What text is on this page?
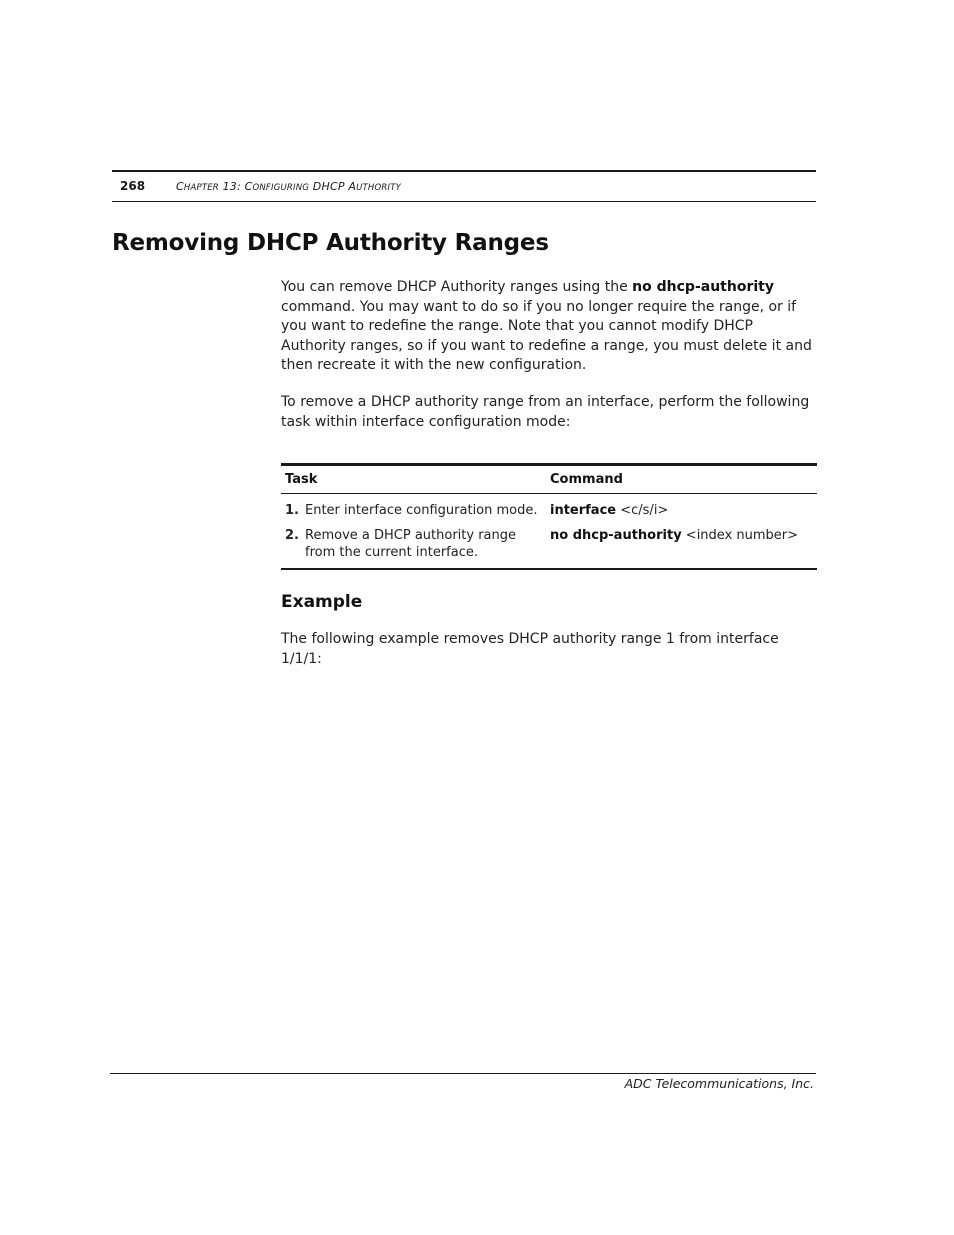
268	CHAPTER 13: CONFIGURING DHCP AUTHORITY
Removing DHCP Authority Ranges

You can remove DHCP Authority ranges using the no dhcp-authority command. You may want to do so if you no longer require the range, or if you want to redefine the range. Note that you cannot modify DHCP Authority ranges, so if you want to redefine a range, you must delete it and then recreate it with the new configuration.

To remove a DHCP authority range from an interface, perform the following task within interface configuration mode:

Task	Command

1. Enter interface configuration mode.	interface <c/s/i>

2. Remove a DHCP authority range from the current interface.	no dhcp-authority <index number>
Example

The following example removes DHCP authority range 1 from interface 1/1/1:

ADC Telecommunications, Inc.
